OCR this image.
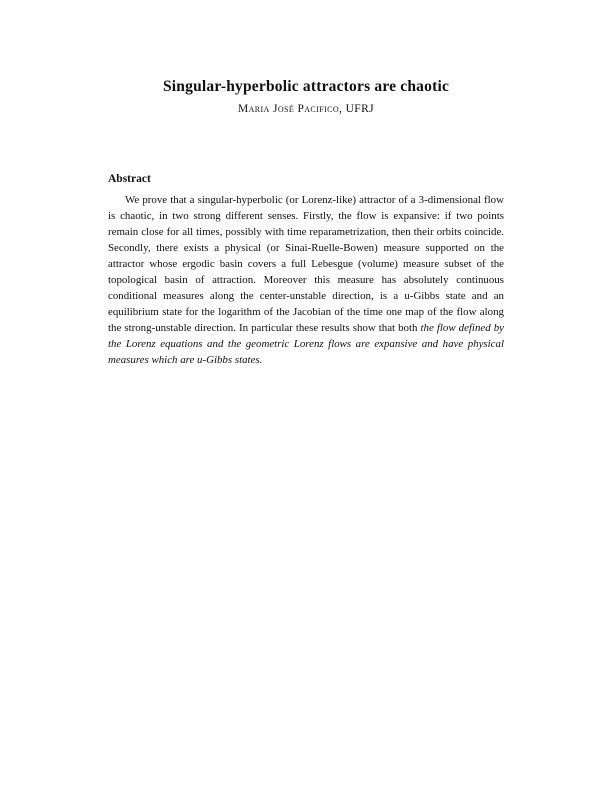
Singular-hyperbolic attractors are chaotic

Maria José Pacifico, UFRJ

Abstract

We prove that a singular-hyperbolic (or Lorenz-like) attractor of a 3-dimensional flow is chaotic, in two strong different senses. Firstly, the flow is expansive: if two points remain close for all times, possibly with time reparametrization, then their orbits coincide. Secondly, there exists a physical (or Sinai-Ruelle-Bowen) measure supported on the attractor whose ergodic basin covers a full Lebesgue (volume) measure subset of the topological basin of attraction. Moreover this measure has absolutely continuous conditional measures along the center-unstable direction, is a u-Gibbs state and an equilibrium state for the logarithm of the Jacobian of the time one map of the flow along the strong-unstable direction. In particular these results show that both the flow defined by the Lorenz equations and the geometric Lorenz flows are expansive and have physical measures which are u-Gibbs states.
